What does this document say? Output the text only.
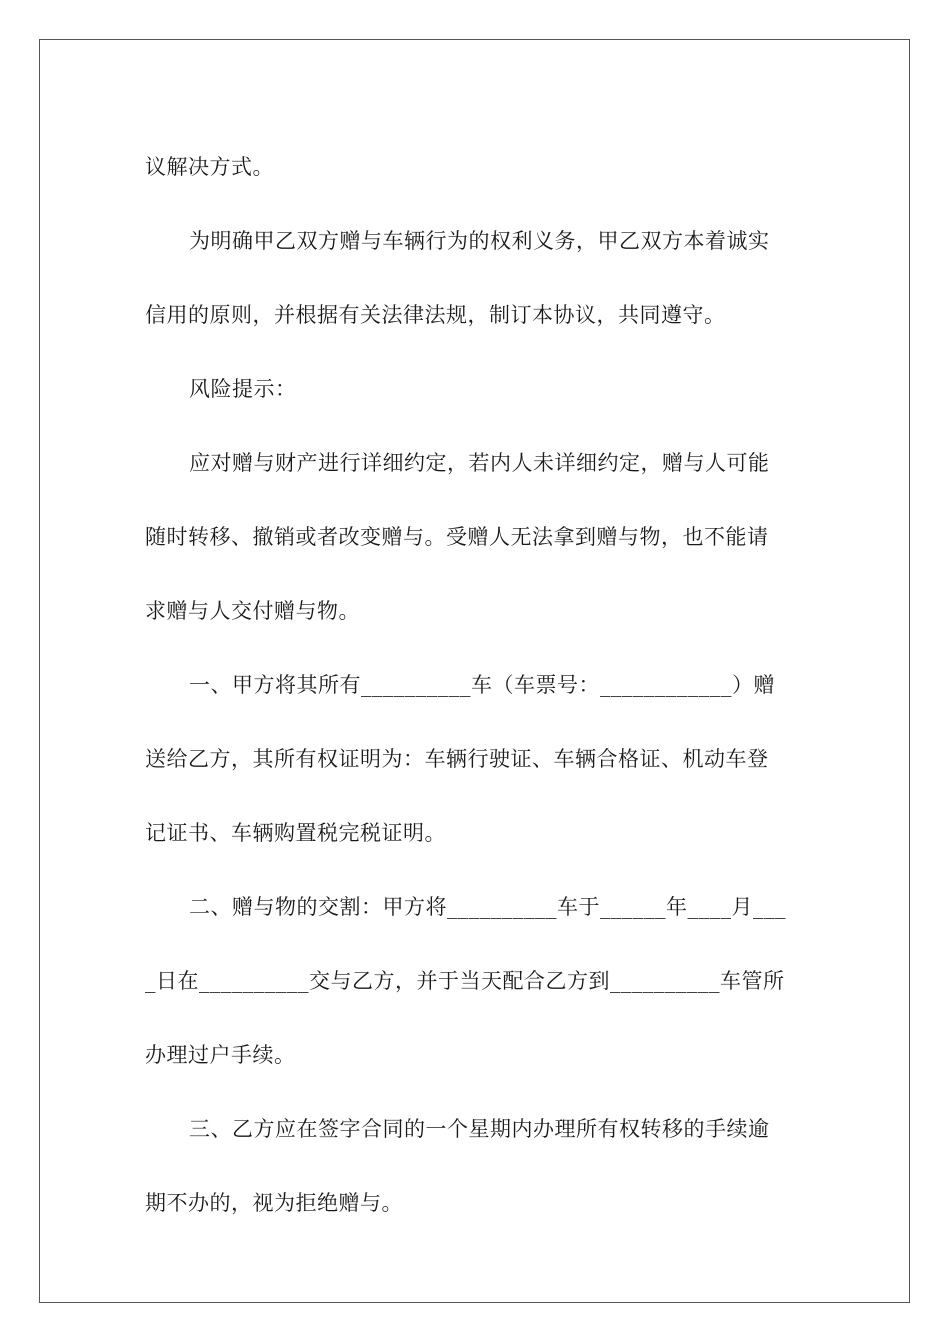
议解决方式。
为明确甲乙双方赠与车辆行为的权利义务，甲乙双方本着诚实
信用的原则，并根据有关法律法规，制订本协议，共同遵守。
风险提示：
应对赠与财产进行详细约定，若内人未详细约定，赠与人可能
随时转移、撤销或者改变赠与。受赠人无法拿到赠与物，也不能请
求赠与人交付赠与物。
一、甲方将其所有__________车（车票号：____________）赠
送给乙方，其所有权证明为：车辆行驶证、车辆合格证、机动车登
记证书、车辆购置税完税证明。
二、赠与物的交割：甲方将__________车于______年____月___
_日在__________交与乙方，并于当天配合乙方到__________车管所
办理过户手续。
三、乙方应在签字合同的一个星期内办理所有权转移的手续逾
期不办的，视为拒绝赠与。
